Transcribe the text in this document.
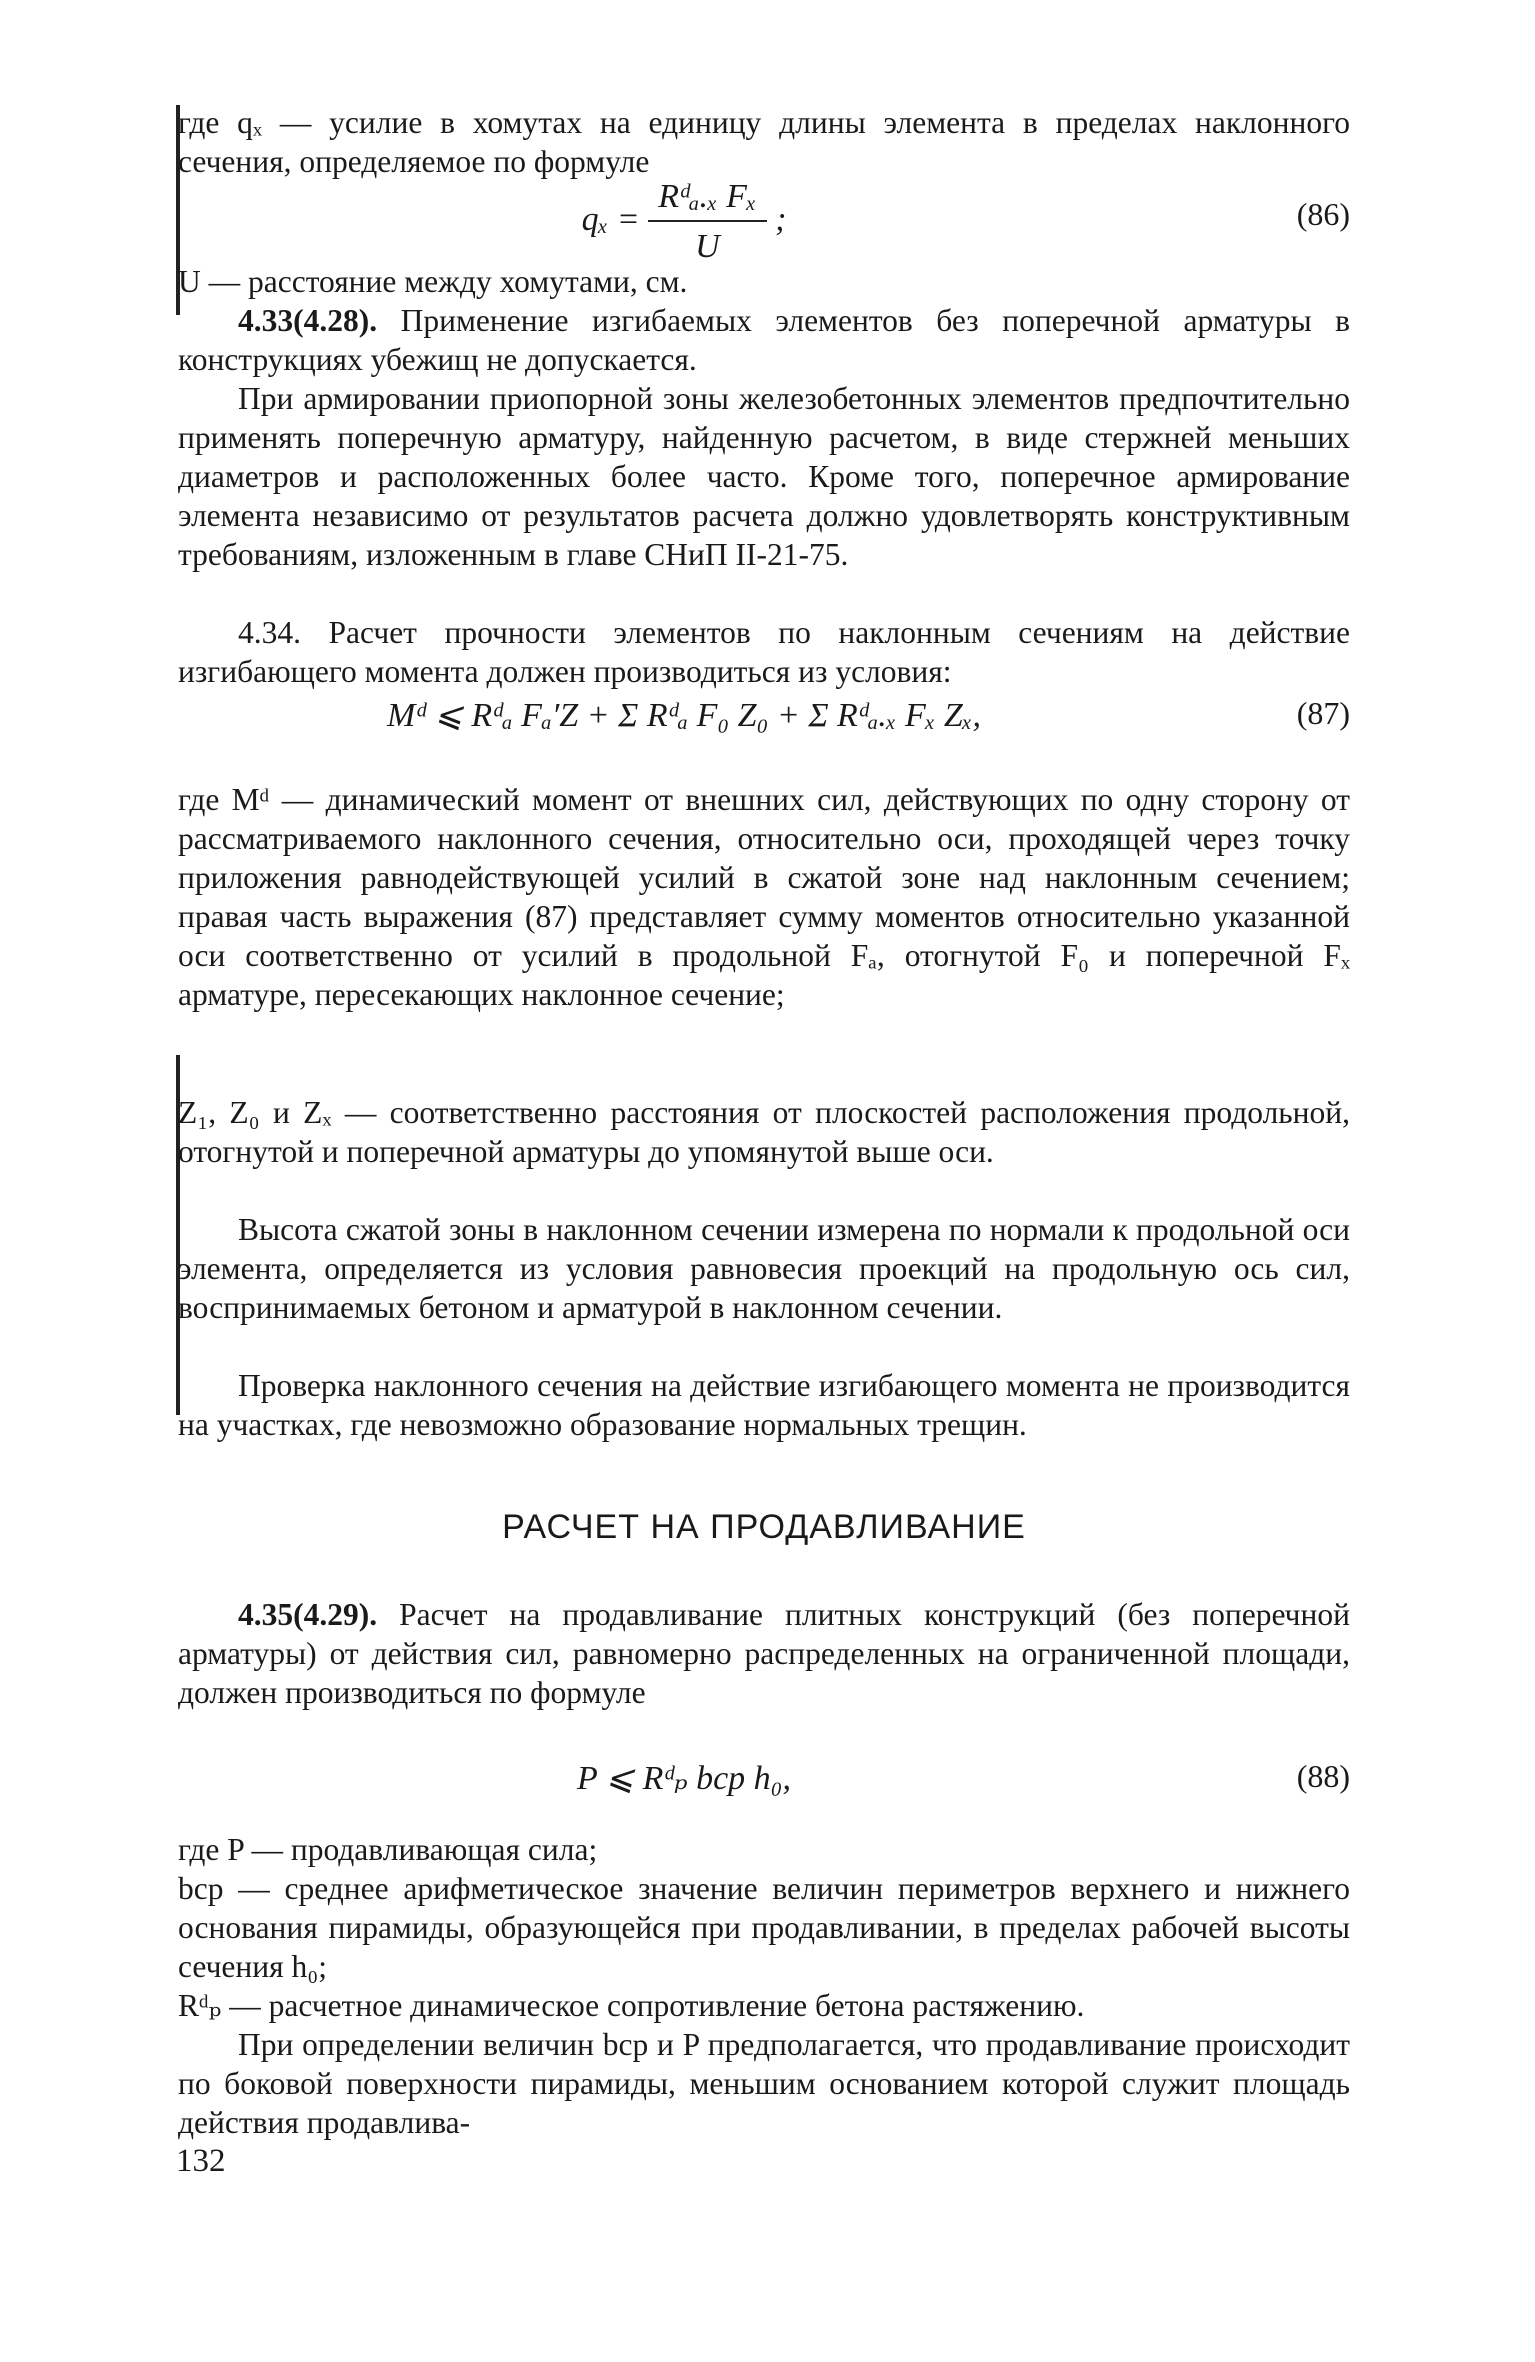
где qₓ — усилие в хомутах на единицу длины элемента в пределах наклонного сечения, определяемое по формуле

$q_x = \frac{\text{Rᵈₐ.ₓ Fₓ}}{U}$ ;	(86)

U — расстояние между хомутами, см.

4.33(4.28). Применение изгибаемых элементов без поперечной арматуры в конструкциях убежищ не допускается.

При армировании приопорной зоны железобетонных элементов предпочтительно применять поперечную арматуру, найденную расчетом, в виде стержней меньших диаметров и расположенных более часто. Кроме того, поперечное армирование элемента независимо от результатов расчета должно удовлетворять конструктивным требованиям, изложенным в главе СНиП II-21-75.

4.34. Расчет прочности элементов по наклонным сечениям на действие изгибающего момента должен производиться из условия:

Mᵈ ⩽ Rᵈₐ Fₐ′Z + Σ Rᵈₐ F₀ Z₀ + Σ Rᵈₐ.ₓ Fₓ Zₓ,	(87)

где Mᵈ — динамический момент от внешних сил, действующих по одну сторону от рассматриваемого наклонного сечения, относительно оси, проходящей через точку приложения равнодействующей усилий в сжатой зоне над наклонным сечением; правая часть выражения (87) представляет сумму моментов относительно указанной оси соответственно от усилий в продольной Fₐ, отогнутой F₀ и поперечной Fₓ арматуре, пересекающих наклонное сечение;

Z₁, Z₀ и Zₓ — соответственно расстояния от плоскостей расположения продольной, отогнутой и поперечной арматуры до упомянутой выше оси.

Высота сжатой зоны в наклонном сечении измерена по нормали к продольной оси элемента, определяется из условия равновесия проекций на продольную ось сил, воспринимаемых бетоном и арматурой в наклонном сечении.

Проверка наклонного сечения на действие изгибающего момента не производится на участках, где невозможно образование нормальных трещин.

РАСЧЕТ НА ПРОДАВЛИВАНИЕ

4.35(4.29). Расчет на продавливание плитных конструкций (без поперечной арматуры) от действия сил, равномерно распределенных на ограниченной площади, должен производиться по формуле

P ⩽ Rᵈₚ bср h₀,	(88)

где P — продавливающая сила;

bср — среднее арифметическое значение величин периметров верхнего и нижнего основания пирамиды, образующейся при продавливании, в пределах рабочей высоты сечения h₀;

Rᵈₚ — расчетное динамическое сопротивление бетона растяжению.

При определении величин bср и P предполагается, что продавливание происходит по боковой поверхности пирамиды, меньшим основанием которой служит площадь действия продавлива-

132
